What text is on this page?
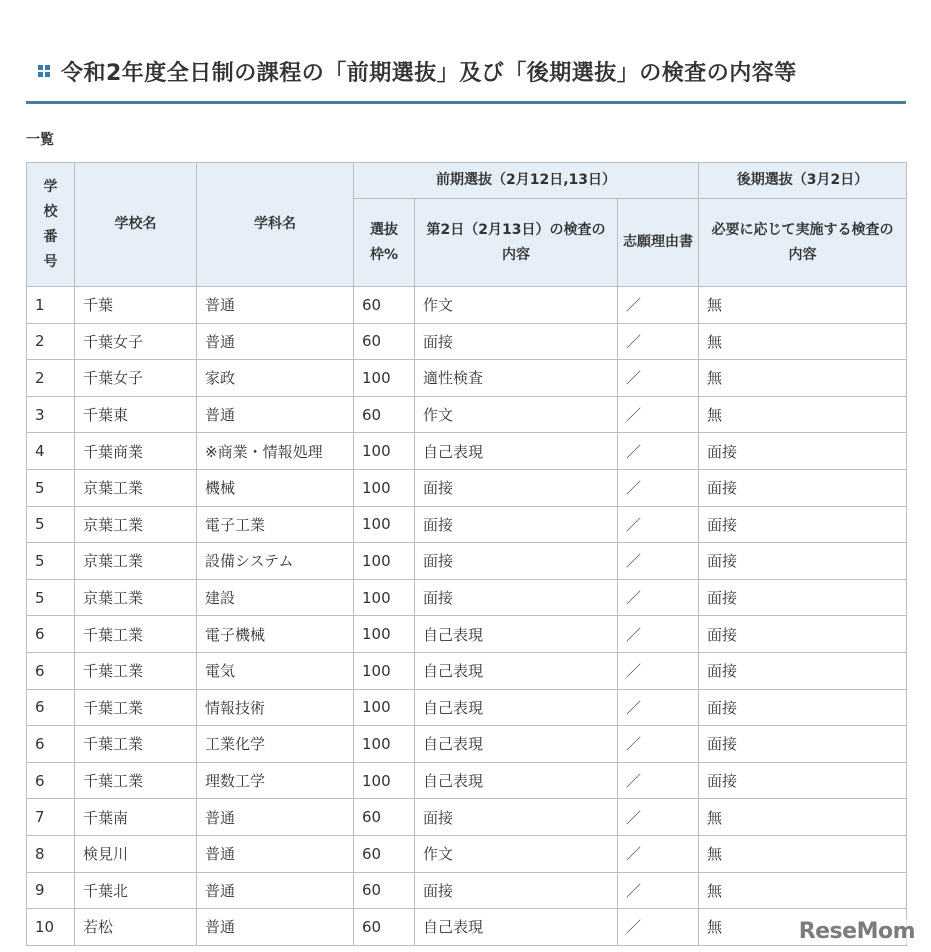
令和2年度全日制の課程の「前期選抜」及び「後期選抜」の検査の内容等
一覧
学校番号	学校名	学科名	前期選抜（2月12日,13日）			後期選抜（3月2日）

			選抜枠%	第2日（2月13日）の検査の内容	志願理由書	必要に応じて実施する検査の内容

1	千葉	普通	60	作文	／	無
2	千葉女子	普通	60	面接	／	無
2	千葉女子	家政	100	適性検査	／	無
3	千葉東	普通	60	作文	／	無
4	千葉商業	※商業・情報処理	100	自己表現	／	面接
5	京葉工業	機械	100	面接	／	面接
5	京葉工業	電子工業	100	面接	／	面接
5	京葉工業	設備システム	100	面接	／	面接
5	京葉工業	建設	100	面接	／	面接
6	千葉工業	電子機械	100	自己表現	／	面接
6	千葉工業	電気	100	自己表現	／	面接
6	千葉工業	情報技術	100	自己表現	／	面接
6	千葉工業	工業化学	100	自己表現	／	面接
6	千葉工業	理数工学	100	自己表現	／	面接
7	千葉南	普通	60	面接	／	無
8	検見川	普通	60	作文	／	無
9	千葉北	普通	60	面接	／	無
10	若松	普通	60	自己表現	／	無	ReseMom
